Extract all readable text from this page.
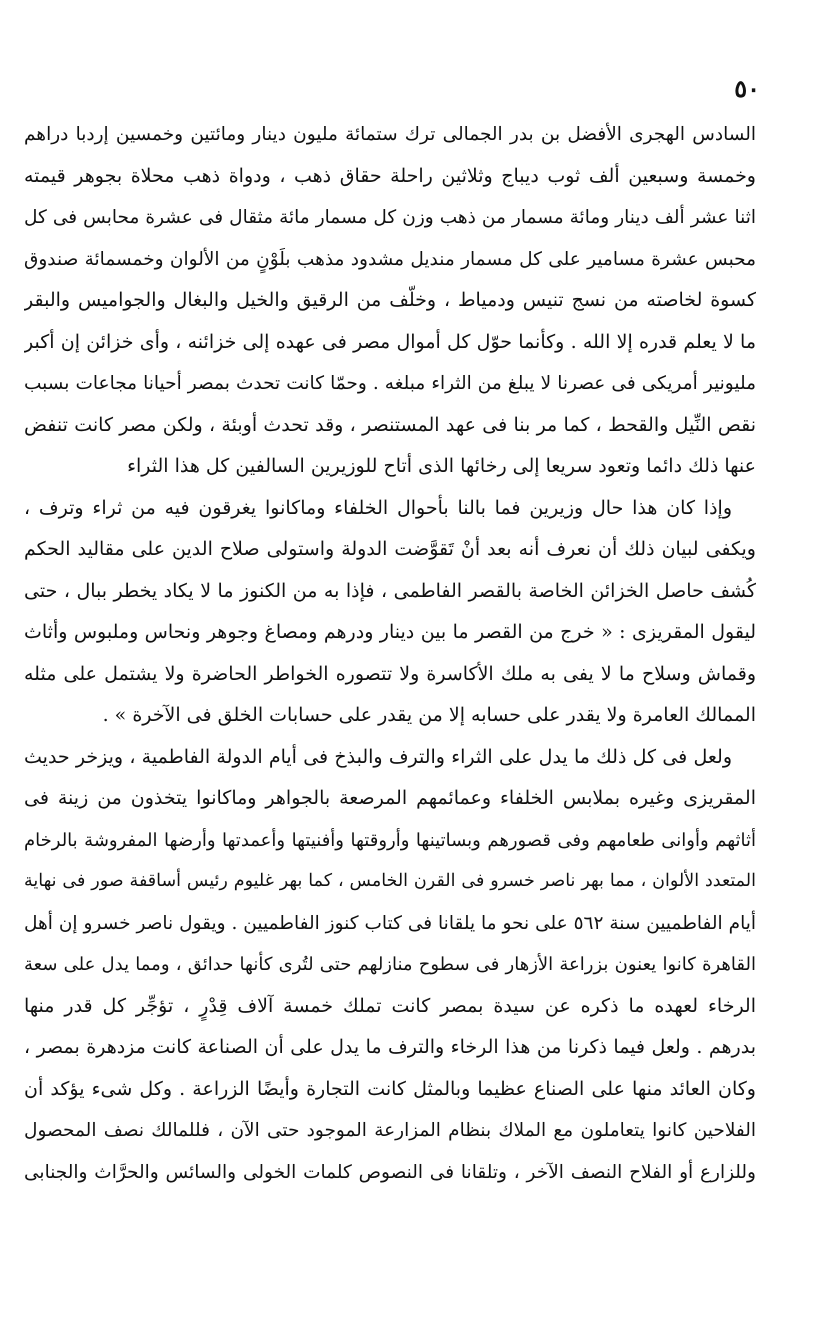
٥٠
السادس الهجرى الأفضل بن بدر الجمالى ترك ستمائة مليون دينار ومائتين وخمسين إردبا دراهم
وخمسة وسبعين ألف ثوب ديباج وثلاثين راحلة حقاق ذهب ، ودواة ذهب محلاة بجوهر قيمته
اثنا عشر ألف دينار ومائة مسمار من ذهب وزن كل مسمار مائة مثقال فى عشرة محابس فى كل
محبس عشرة مسامير على كل مسمار منديل مشدود مذهب بلَوْنٍ من الألوان وخمسمائة صندوق
كسوة لخاصته من نسج تنيس ودمياط ، وخلّف من الرقيق والخيل والبغال والجواميس والبقر
ما لا يعلم قدره إلا الله . وكأنما حوّل كل أموال مصر فى عهده إلى خزائنه ، وأى خزائن إن أكبر
مليونير أمريكى فى عصرنا لا يبلغ من الثراء مبلغه . وحمّا كانت تحدث بمصر أحيانا مجاعات بسبب
نقص النِّيل والقحط ، كما مر بنا فى عهد المستنصر ، وقد تحدث أوبئة ، ولكن مصر كانت تنفض
عنها ذلك دائما وتعود سريعا إلى رخائها الذى أتاح للوزيرين السالفين كل هذا الثراء
وإذا كان هذا حال وزيرين فما بالنا بأحوال الخلفاء وماكانوا يغرقون فيه من ثراء وترف ،
ويكفى لبيان ذلك أن نعرف أنه بعد أنْ تَقوَّضت الدولة واستولى صلاح الدين على مقاليد الحكم
كُشف حاصل الخزائن الخاصة بالقصر الفاطمى ، فإذا به من الكنوز ما لا يكاد يخطر ببال ، حتى
ليقول المقريزى : « خرج من القصر ما بين دينار ودرهم ومصاغ وجوهر ونحاس وملبوس وأثاث
وقماش وسلاح ما لا يفى به ملك الأكاسرة ولا تتصوره الخواطر الحاضرة ولا يشتمل على مثله
الممالك العامرة ولا يقدر على حسابه إلا من يقدر على حسابات الخلق فى الآخرة » .
ولعل فى كل ذلك ما يدل على الثراء والترف والبذخ فى أيام الدولة الفاطمية ، ويزخر حديث
المقريزى وغيره بملابس الخلفاء وعمائمهم المرصعة بالجواهر وماكانوا يتخذون من زينة فى
أثاثهم وأوانى طعامهم وفى قصورهم وبساتينها وأروقتها وأفنيتها وأعمدتها وأرضها المفروشة بالرخام
المتعدد الألوان ، مما بهر ناصر خسرو فى القرن الخامس ، كما بهر غليوم رئيس أساقفة صور فى نهاية
أيام الفاطميين سنة ٥٦٢ على نحو ما يلقانا فى كتاب كنوز الفاطميين . ويقول ناصر خسرو إن أهل
القاهرة كانوا يعنون بزراعة الأزهار فى سطوح منازلهم حتى لتُرى كأنها حدائق ، ومما يدل على سعة
الرخاء لعهده ما ذكره عن سيدة بمصر كانت تملك خمسة آلاف قِدْرٍ ، تؤجِّر كل قدر منها
بدرهم . ولعل فيما ذكرنا من هذا الرخاء والترف ما يدل على أن الصناعة كانت مزدهرة بمصر ،
وكان العائد منها على الصناع عظيما وبالمثل كانت التجارة وأيضًا الزراعة . وكل شىء يؤكد أن
الفلاحين كانوا يتعاملون مع الملاك بنظام المزارعة الموجود حتى الآن ، فللمالك نصف المحصول
وللزارع أو الفلاح النصف الآخر ، وتلقانا فى النصوص كلمات الخولى والسائس والحرَّاث والجنابى
